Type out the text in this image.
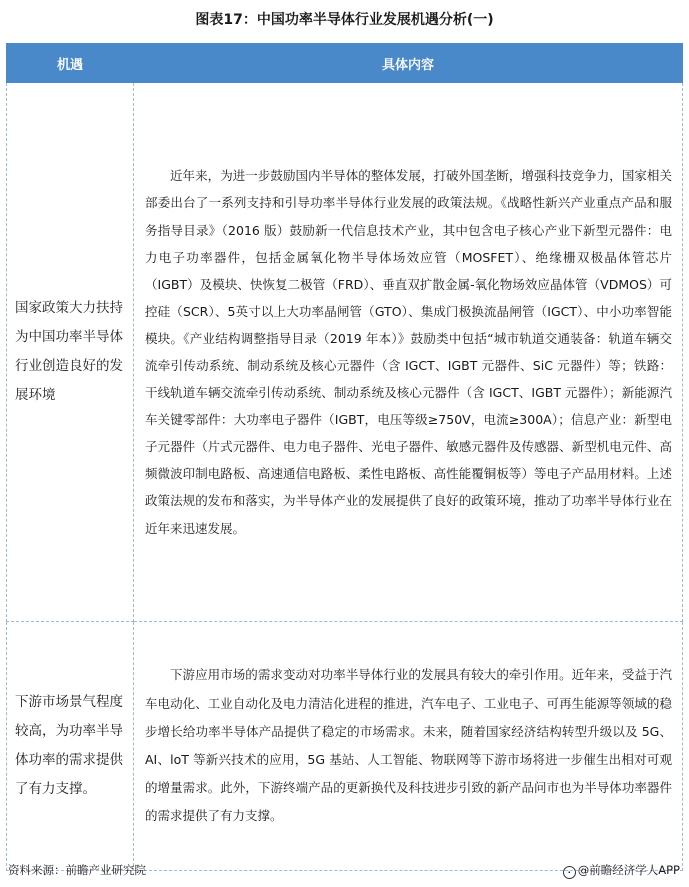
图表17：中国功率半导体行业发展机遇分析(一)
机遇	具体内容
国家政策大力扶持为中国功率半导体行业创造良好的发展环境	近年来，为进一步鼓励国内半导体的整体发展，打破外国垄断，增强科技竞争力，国家相关部委出台了一系列支持和引导功率半导体行业发展的政策法规。《战略性新兴产业重点产品和服务指导目录》（2016 版）鼓励新一代信息技术产业，其中包含电子核心产业下新型元器件：电力电子功率器件，包括金属氧化物半导体场效应管（MOSFET）、绝缘栅双极晶体管芯片（IGBT）及模块、快恢复二极管（FRD）、垂直双扩散金属-氧化物场效应晶体管（VDMOS）可控硅（SCR）、5英寸以上大功率晶闸管（GTO）、集成门极换流晶闸管（IGCT）、中小功率智能模块。《产业结构调整指导目录（2019 年本）》鼓励类中包括“城市轨道交通装备：轨道车辆交流牵引传动系统、制动系统及核心元器件（含 IGCT、IGBT 元器件、SiC 元器件）等；铁路：干线轨道车辆交流牵引传动系统、制动系统及核心元器件（含 IGCT、IGBT 元器件）；新能源汽车关键零部件：大功率电子器件（IGBT，电压等级≥750V，电流≥300A）；信息产业：新型电子元器件（片式元器件、电力电子器件、光电子器件、敏感元器件及传感器、新型机电元件、高频微波印制电路板、高速通信电路板、柔性电路板、高性能覆铜板等）等电子产品用材料。上述政策法规的发布和落实，为半导体产业的发展提供了良好的政策环境，推动了功率半导体行业在近年来迅速发展。

下游市场景气程度较高，为功率半导体功率的需求提供了有力支撑。	下游应用市场的需求变动对功率半导体行业的发展具有较大的牵引作用。近年来，受益于汽车电动化、工业自动化及电力清洁化进程的推进，汽车电子、工业电子、可再生能源等领域的稳步增长给功率半导体产品提供了稳定的市场需求。未来，随着国家经济结构转型升级以及 5G、AI、loT 等新兴技术的应用，5G 基站、人工智能、物联网等下游市场将进一步催生出相对可观的增量需求。此外，下游终端产品的更新换代及科技进步引致的新产品问市也为半导体功率器件的需求提供了有力支撑。

资料来源：前瞻产业研究院	· @前瞻经济学人APP
